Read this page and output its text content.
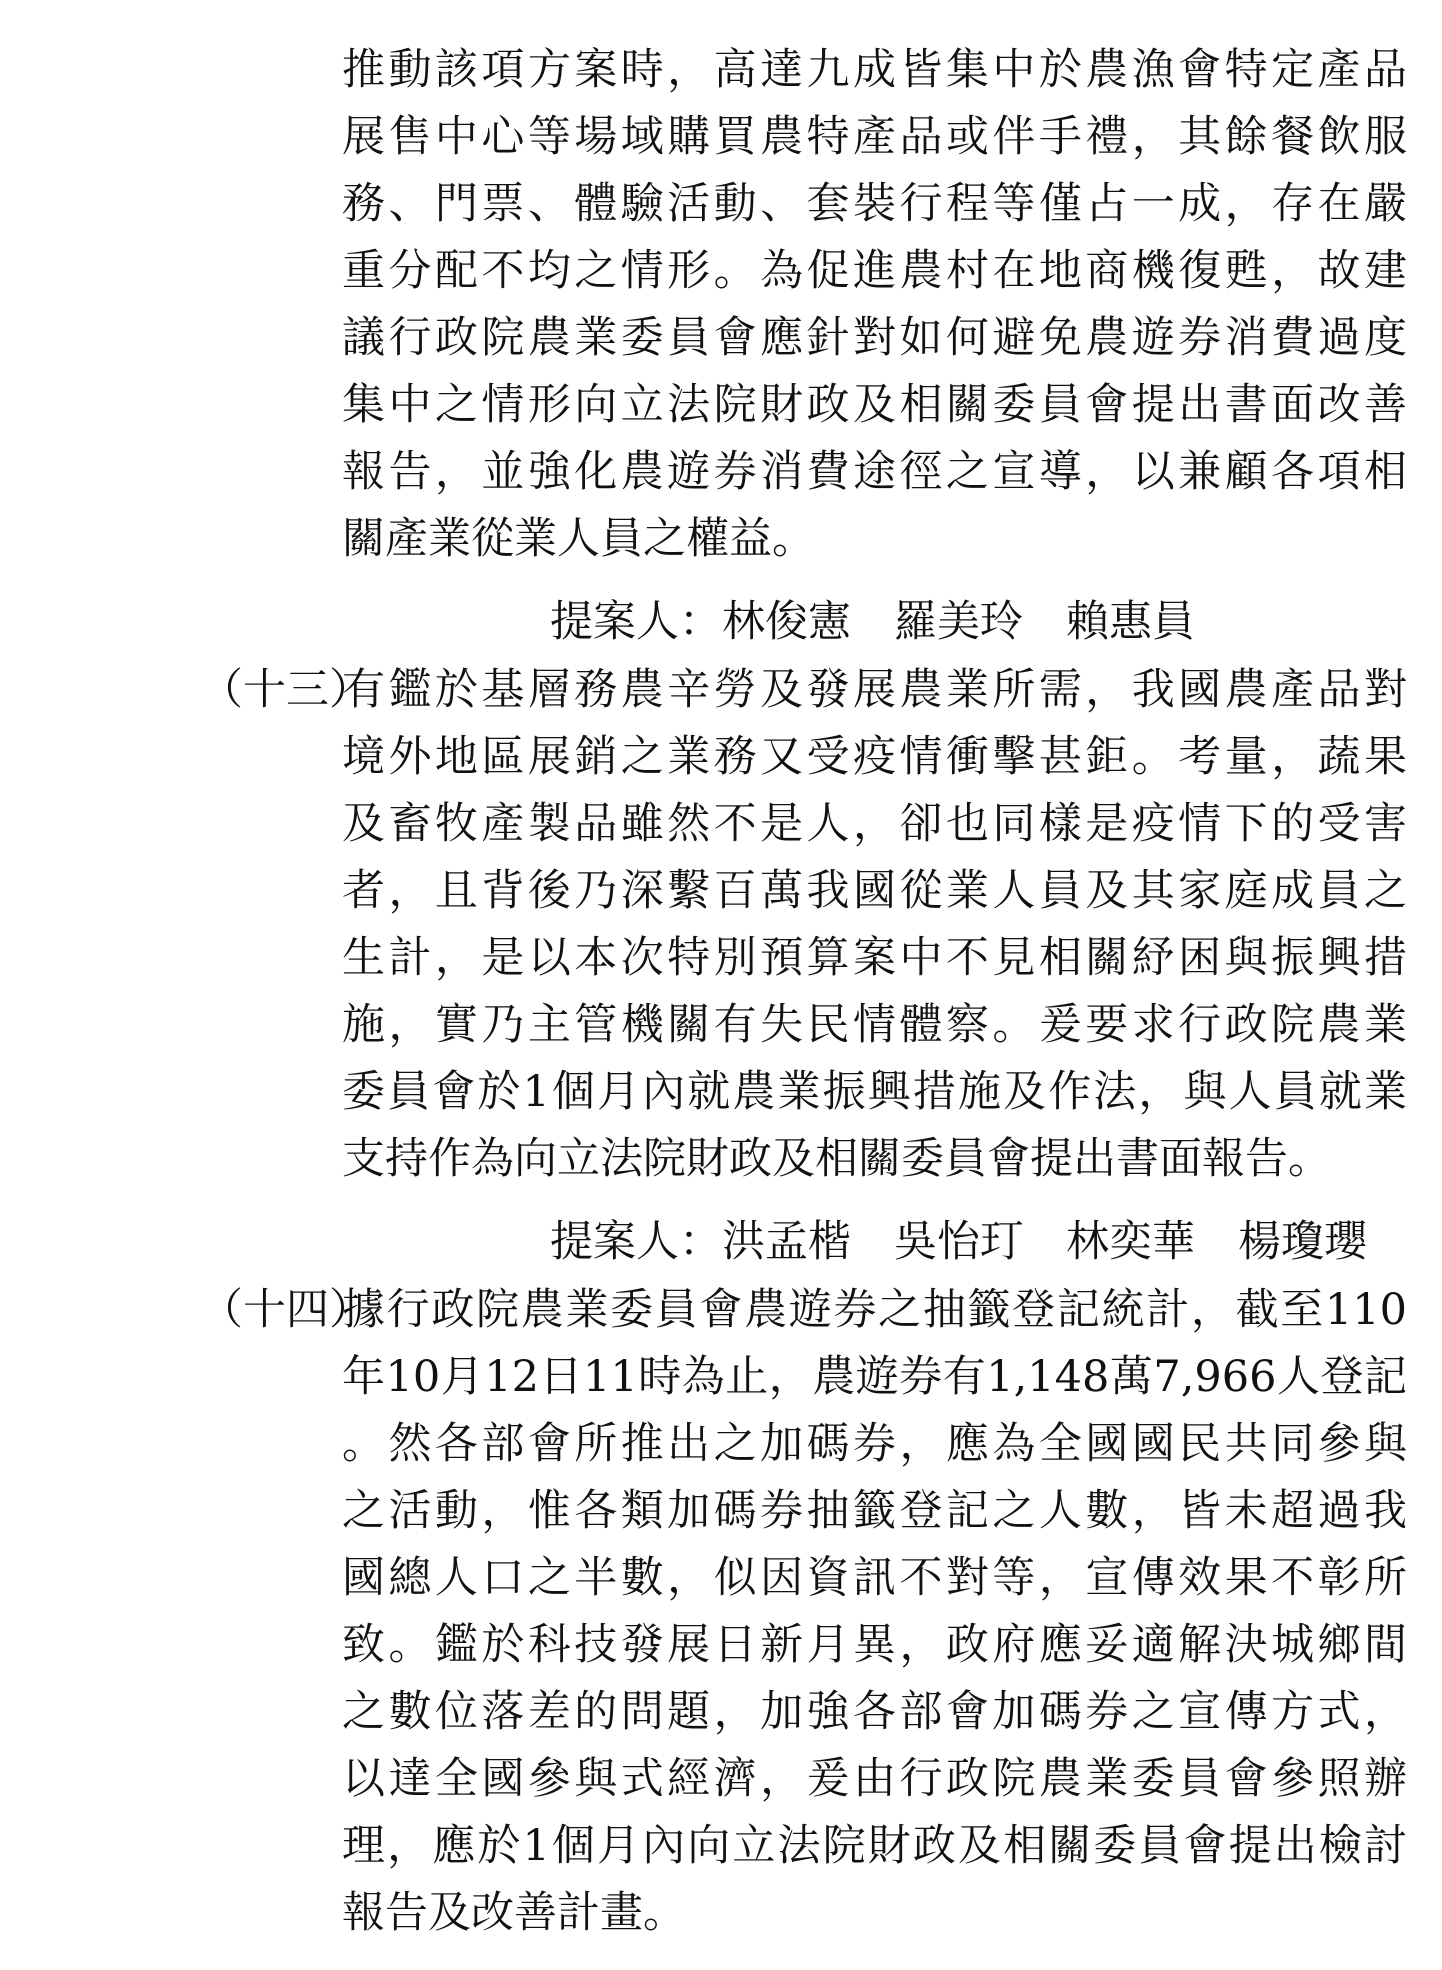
推動該項方案時，高達九成皆集中於農漁會特定產品
展售中心等場域購買農特產品或伴手禮，其餘餐飲服
務、門票、體驗活動、套裝行程等僅占一成，存在嚴
重分配不均之情形。為促進農村在地商機復甦，故建
議行政院農業委員會應針對如何避免農遊券消費過度
集中之情形向立法院財政及相關委員會提出書面改善
報告，並強化農遊券消費途徑之宣導，以兼顧各項相
關產業從業人員之權益。
提案人：林俊憲　羅美玲　賴惠員
（十三）
有鑑於基層務農辛勞及發展農業所需，我國農產品對
境外地區展銷之業務又受疫情衝擊甚鉅。考量，蔬果
及畜牧產製品雖然不是人，卻也同樣是疫情下的受害
者，且背後乃深繫百萬我國從業人員及其家庭成員之
生計，是以本次特別預算案中不見相關紓困與振興措
施，實乃主管機關有失民情體察。爰要求行政院農業
委員會於1個月內就農業振興措施及作法，與人員就業
支持作為向立法院財政及相關委員會提出書面報告。
提案人：洪孟楷　吳怡玎　林奕華　楊瓊瓔
（十四）
據行政院農業委員會農遊券之抽籤登記統計，截至110
年10月12日11時為止，農遊券有1,148萬7,966人登記
。然各部會所推出之加碼券，應為全國國民共同參與
之活動，惟各類加碼券抽籤登記之人數，皆未超過我
國總人口之半數，似因資訊不對等，宣傳效果不彰所
致。鑑於科技發展日新月異，政府應妥適解決城鄉間
之數位落差的問題，加強各部會加碼券之宣傳方式，
以達全國參與式經濟，爰由行政院農業委員會參照辦
理，應於1個月內向立法院財政及相關委員會提出檢討
報告及改善計畫。
